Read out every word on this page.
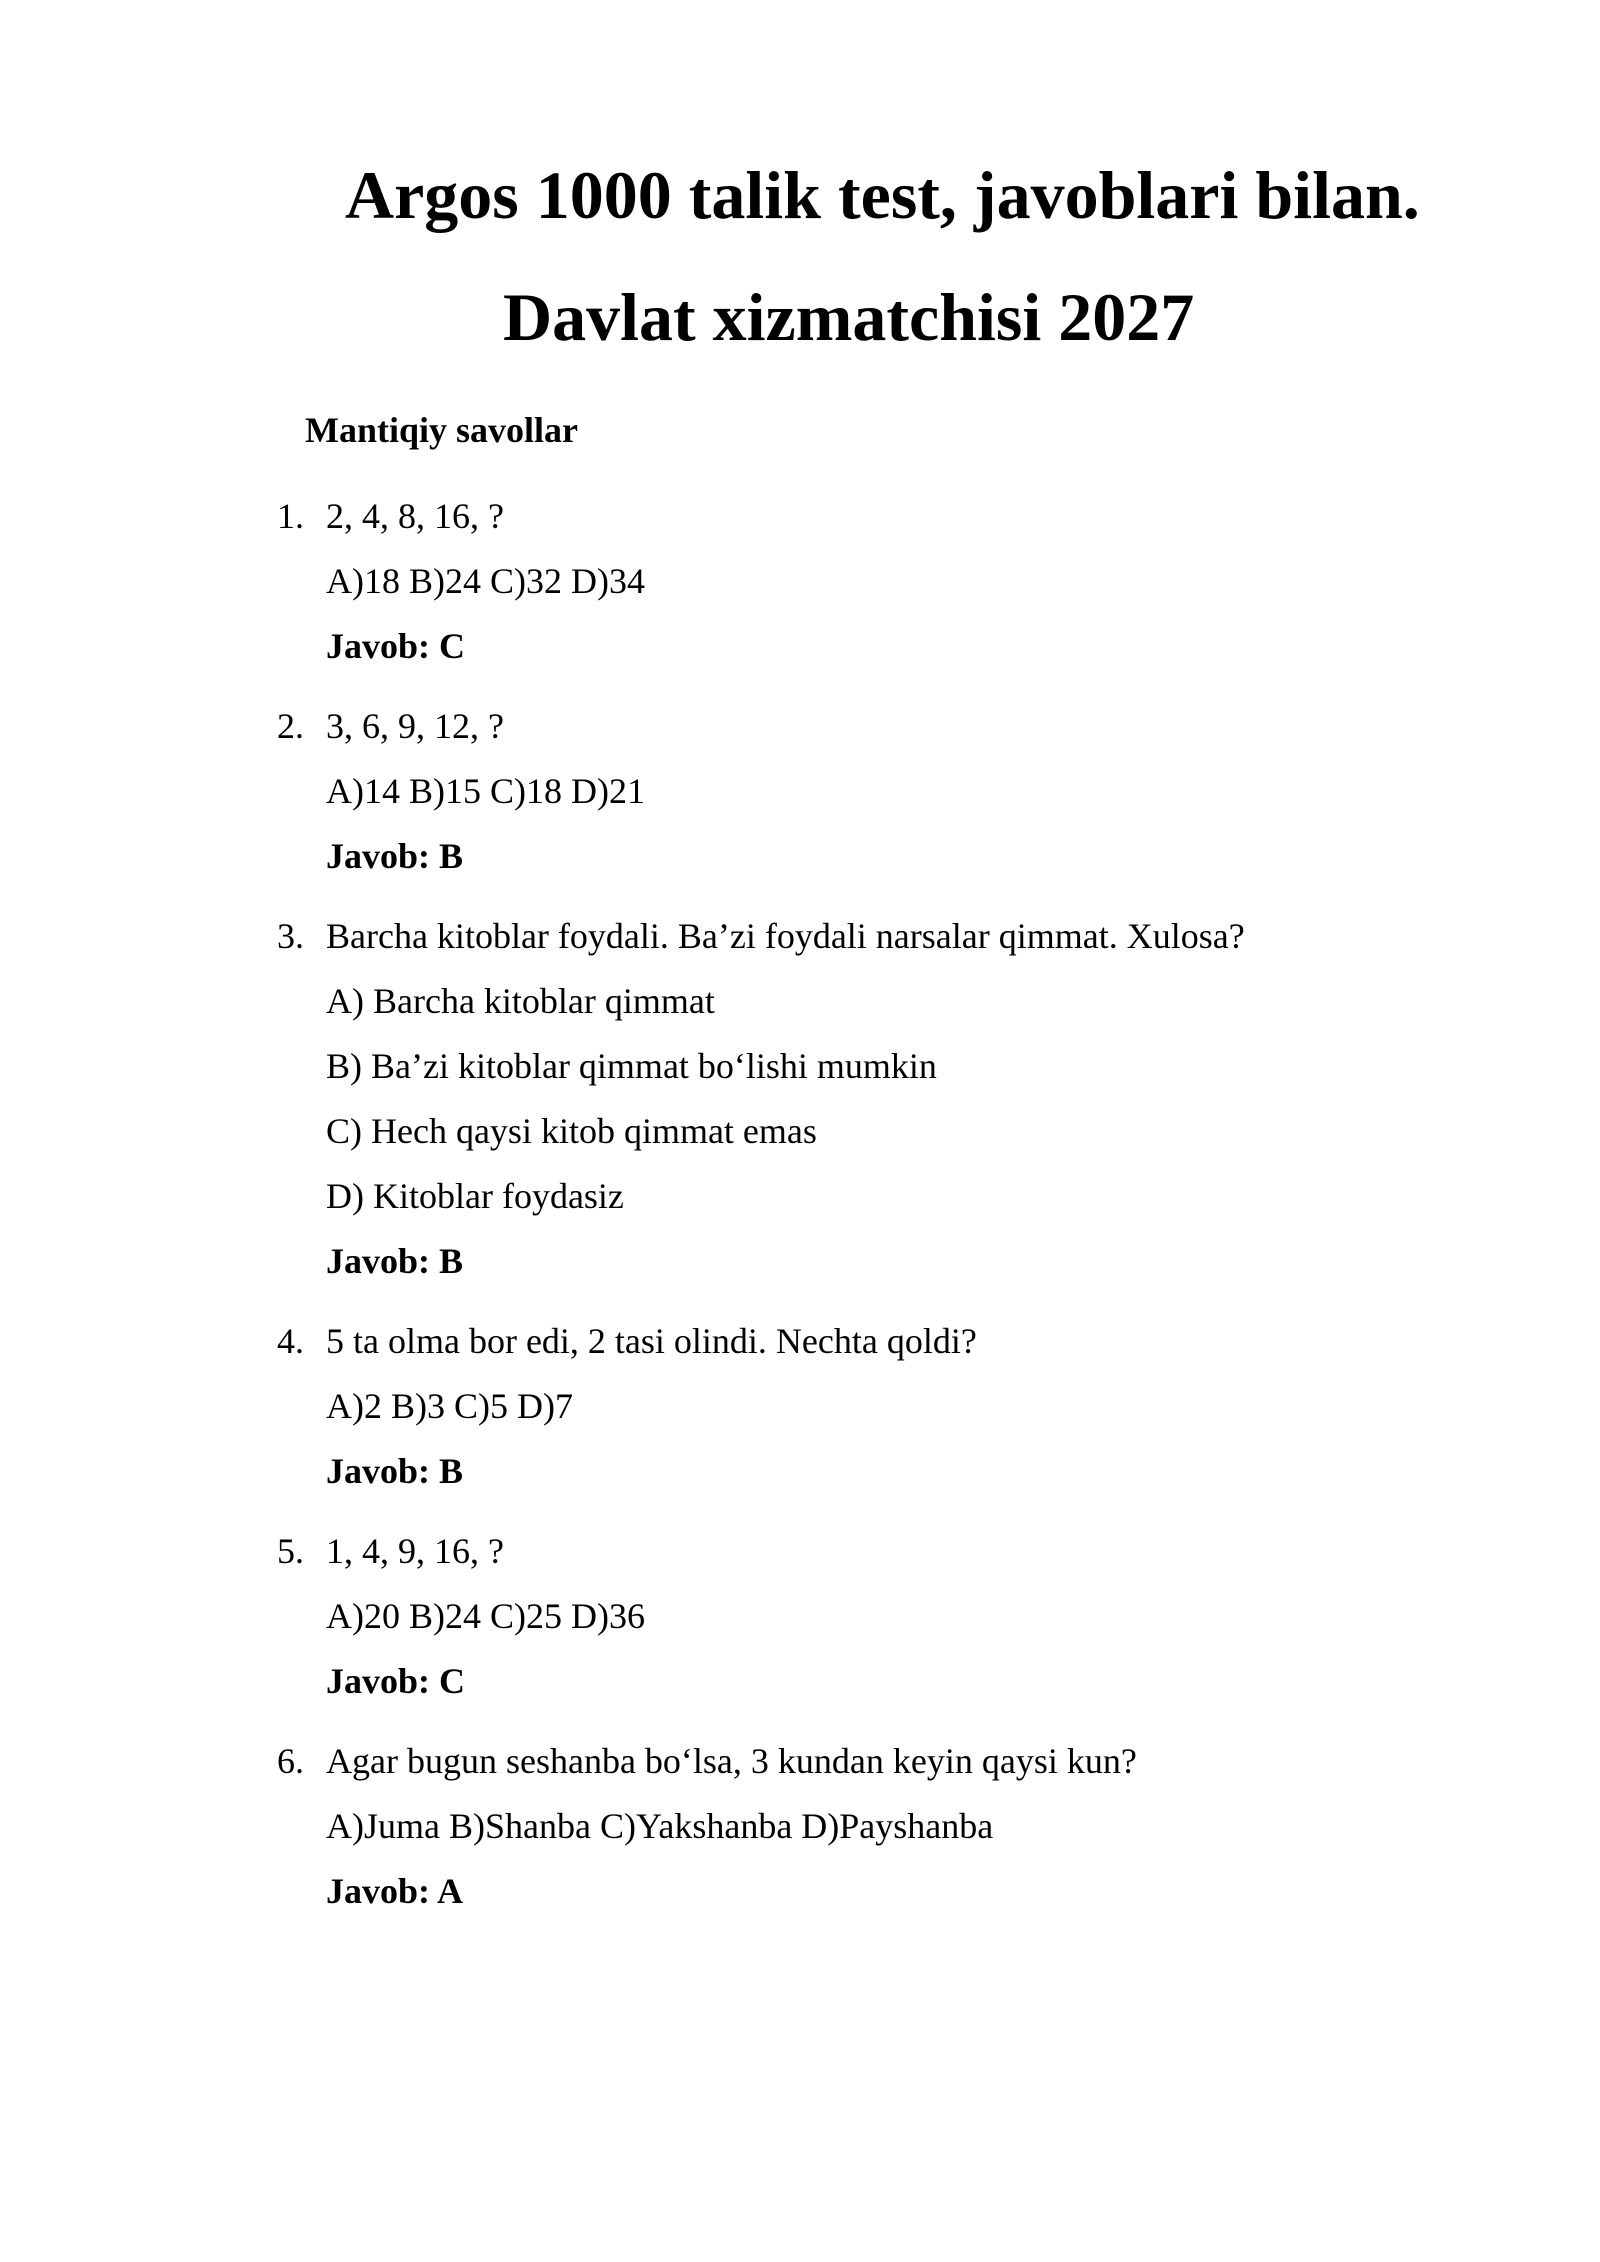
Argos 1000 talik test, javoblari bilan.
Davlat xizmatchisi 2027
Mantiqiy savollar
1. 2, 4, 8, 16, ?
A)18 B)24 C)32 D)34
Javob: C
2. 3, 6, 9, 12, ?
A)14 B)15 C)18 D)21
Javob: B
3. Barcha kitoblar foydali. Ba’zi foydali narsalar qimmat. Xulosa?
A) Barcha kitoblar qimmat
B) Ba’zi kitoblar qimmat bo‘lishi mumkin
C) Hech qaysi kitob qimmat emas
D) Kitoblar foydasiz
Javob: B
4. 5 ta olma bor edi, 2 tasi olindi. Nechta qoldi?
A)2 B)3 C)5 D)7
Javob: B
5. 1, 4, 9, 16, ?
A)20 B)24 C)25 D)36
Javob: C
6. Agar bugun seshanba bo‘lsa, 3 kundan keyin qaysi kun?
A)Juma B)Shanba C)Yakshanba D)Payshanba
Javob: A
